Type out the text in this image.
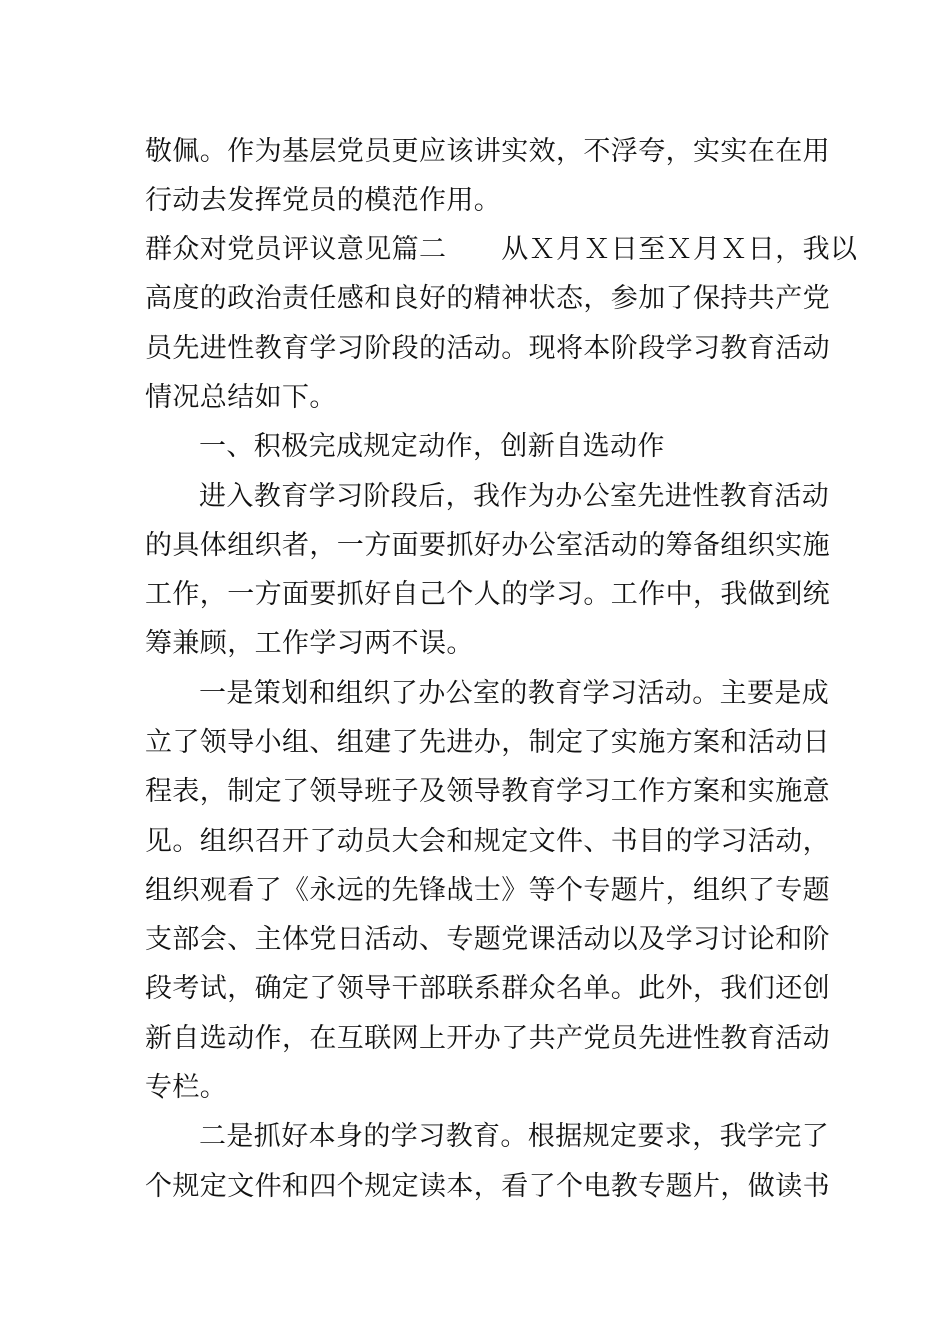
敬佩。作为基层党员更应该讲实效，不浮夸，实实在在用
行动去发挥党员的模范作用。
群众对党员评议意见篇二　　从Ｘ月Ｘ日至Ｘ月Ｘ日，我以
高度的政治责任感和良好的精神状态，参加了保持共产党
员先进性教育学习阶段的活动。现将本阶段学习教育活动
情况总结如下。
一、积极完成规定动作，创新自选动作
进入教育学习阶段后，我作为办公室先进性教育活动
的具体组织者，一方面要抓好办公室活动的筹备组织实施
工作，一方面要抓好自己个人的学习。工作中，我做到统
筹兼顾，工作学习两不误。
一是策划和组织了办公室的教育学习活动。主要是成
立了领导小组、组建了先进办，制定了实施方案和活动日
程表，制定了领导班子及领导教育学习工作方案和实施意
见。组织召开了动员大会和规定文件、书目的学习活动，
组织观看了《永远的先锋战士》等个专题片，组织了专题
支部会、主体党日活动、专题党课活动以及学习讨论和阶
段考试，确定了领导干部联系群众名单。此外，我们还创
新自选动作，在互联网上开办了共产党员先进性教育活动
专栏。
二是抓好本身的学习教育。根据规定要求，我学完了
个规定文件和四个规定读本，看了个电教专题片，做读书
